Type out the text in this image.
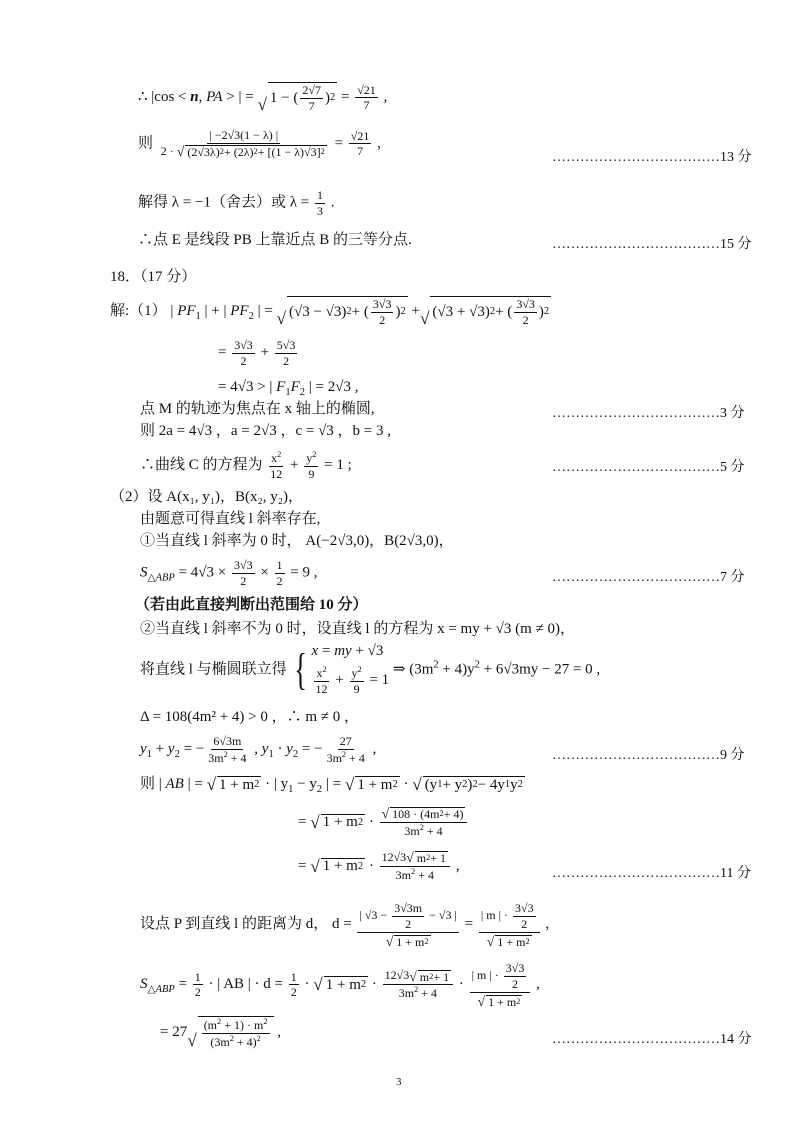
∴ |cos < n, PA > | = √ 1 − ( 2√7
7 ) $2 = \frac{√21}{7}$ ,
则 $\frac{| -2√3(1 - \lambda) |}{2 \cdot √ (2√3\lambda) 2 + (2\lambda) 2 + [(1 - \lambda)√3] 2} = \frac{√21}{7}$ ,
………………………………13 分
解得 λ = −1（舍去）或 $\lambda = \frac{1}{3}$ .
∴点 E 是线段 PB 上靠近点 B 的三等分点.	………………………………15 分
18．（17 分）
解:（1） | $PF_1$ | + | $PF_2$ | = √ (√3 − √3) 2 + ( 3√3
2 ) 2 + √ (√3 + √3) 2 + ( 3√3
2 ) 2
= $\frac{3√3}{2} + \frac{5√3}{2}$
= 4√3 > | $F_1F_2$ | = 2√3 ,
点 M 的轨迹为焦点在 x 轴上的椭圆,	………………………………3 分
则 2a = 4√3 ，a = 2√3 ，c = √3 ，b = 3 ,
∴曲线 C 的方程为 $\frac{x^2}{12} + \frac{y^2}{9} = 1$ ;	………………………………5 分
（2）设 A(x₁, y₁)，B(x₂, y₂)，
由题意可得直线 l 斜率存在,
①当直线 l 斜率为 0 时， A(−2√3,0)，B(2√3,0)，
$S_{\triangle ABP} = 4√3 \times \frac{3√3}{2} \times \frac{1}{2} = 9$ ,	………………………………7 分
（若由此直接判断出范围给 10 分）
②当直线 l 斜率不为 0 时，设直线 l 的方程为 x = my + √3 (m ≠ 0)，
将直线 l 与椭圆联立得 { x = my + √3
$\frac{x^2}{12} + \frac{y^2}{9} = 1$
⇒ $(3m^2 + 4)y^2 + 6√3my - 27 = 0$ ,
Δ = 108(4m² + 4) > 0 ，∴ m ≠ 0 ，
$y_1 + y_2$ = − $\frac{6√3m}{3m^2 + 4}$ , $y_1 \cdot y_2$ = − $\frac{27}{3m^2 + 4}$ ,	………………………………9 分
则 | AB | = √ 1 + m 2 · | $y_1 - y_2$ | = √ 1 + m 2 · √ (y 1 + y 2 ) 2 − 4y 1 y 2
= √ 1 + m $2 \cdot \frac{√ 108 \cdot (4m 2 + 4)}{3m^2 + 4}$
= √ 1 + m $2 \cdot \frac{12√3 √ m 2 + 1}{3m^2 + 4}$ ,	………………………………11 分
设点 P 到直线 l 的距离为 d， $d = \frac{| √3 - \frac{3√3m}{2} - √3 |}{√ 1 + m 2} = \frac{| m | \cdot \frac{3√3}{2}}{√ 1 + m 2}$ ,
$S_{\triangle ABP} = \frac{1}{2}$ · | AB | · $d = \frac{1}{2}$ · √ 1 + m $2 \cdot \frac{12√3 √ m 2 + 1}{3m^2 + 4} \cdot \frac{| m | \cdot \frac{3√3}{2}}{√ 1 + m 2}$ ,
= 27 √
$(m^2 + 1) \cdot m^2$
$(3m^2 + 4)^2$ ,	………………………………14 分
3
